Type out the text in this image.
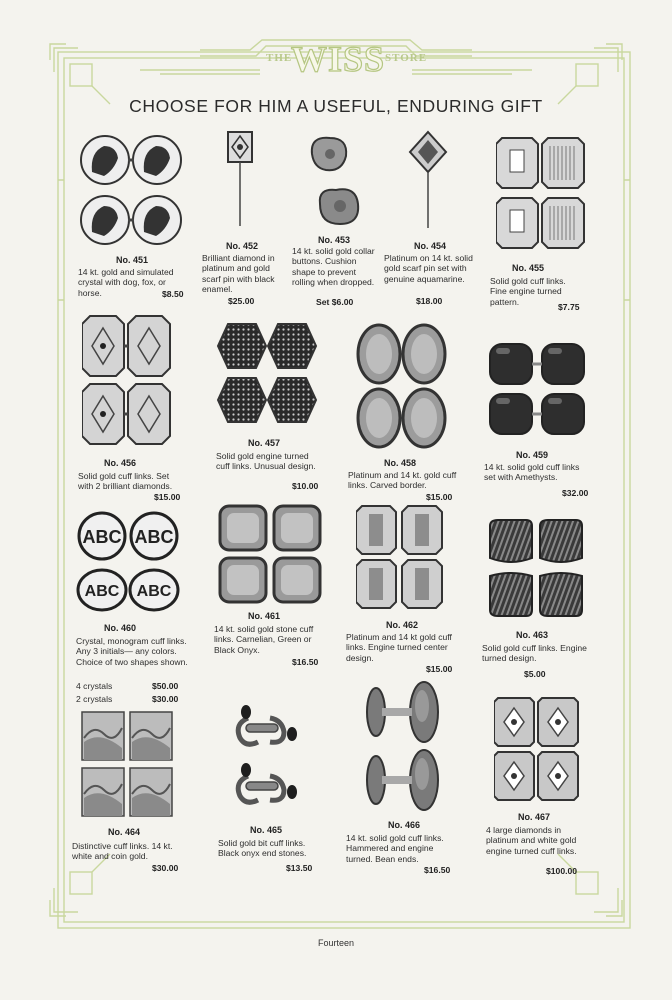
THE
WISS STORE
CHOOSE FOR HIM A USEFUL, ENDURING GIFT
No. 451
14 kt. gold and simulated crystal with dog, fox, or horse.	$8.50
No. 452
Brilliant diamond in platinum and gold scarf pin with black enamel.
$25.00
No. 453
14 kt. solid gold collar buttons. Cushion shape to prevent rolling when dropped.
Set $6.00
No. 454
Platinum on 14 kt. solid gold scarf pin set with genuine aquamarine.
$18.00
No. 455
Solid gold cuff links. Fine engine turned pattern.
$7.75
No. 456
Solid gold cuff links. Set with 2 brilliant diamonds.
$15.00
No. 457
Solid gold engine turned cuff links. Unusual design.
$10.00
No. 458
Platinum and 14 kt. gold cuff links. Carved border.
$15.00
No. 459
14 kt. solid gold cuff links set with Amethysts.
$32.00
ABC ABC
ABC ABC
No. 460
Crystal, monogram cuff links. Any 3 initials— any colors. Choice of two shapes shown.
4 crystals	$50.00
2 crystals	$30.00
No. 461
14 kt. solid gold stone cuff links. Carnelian, Green or Black Onyx.
$16.50
No. 462
Platinum and 14 kt gold cuff links. Engine turned center design.
$15.00
No. 463
Solid gold cuff links. Engine turned design.
$5.00
No. 464
Distinctive cuff links. 14 kt. white and coin gold.
$30.00
No. 465
Solid gold bit cuff links. Black onyx end stones.
$13.50
No. 466
14 kt. solid gold cuff links. Hammered and engine turned. Bean ends.
$16.50
No. 467
4 large diamonds in platinum and white gold engine turned cuff links.
$100.00
Fourteen
